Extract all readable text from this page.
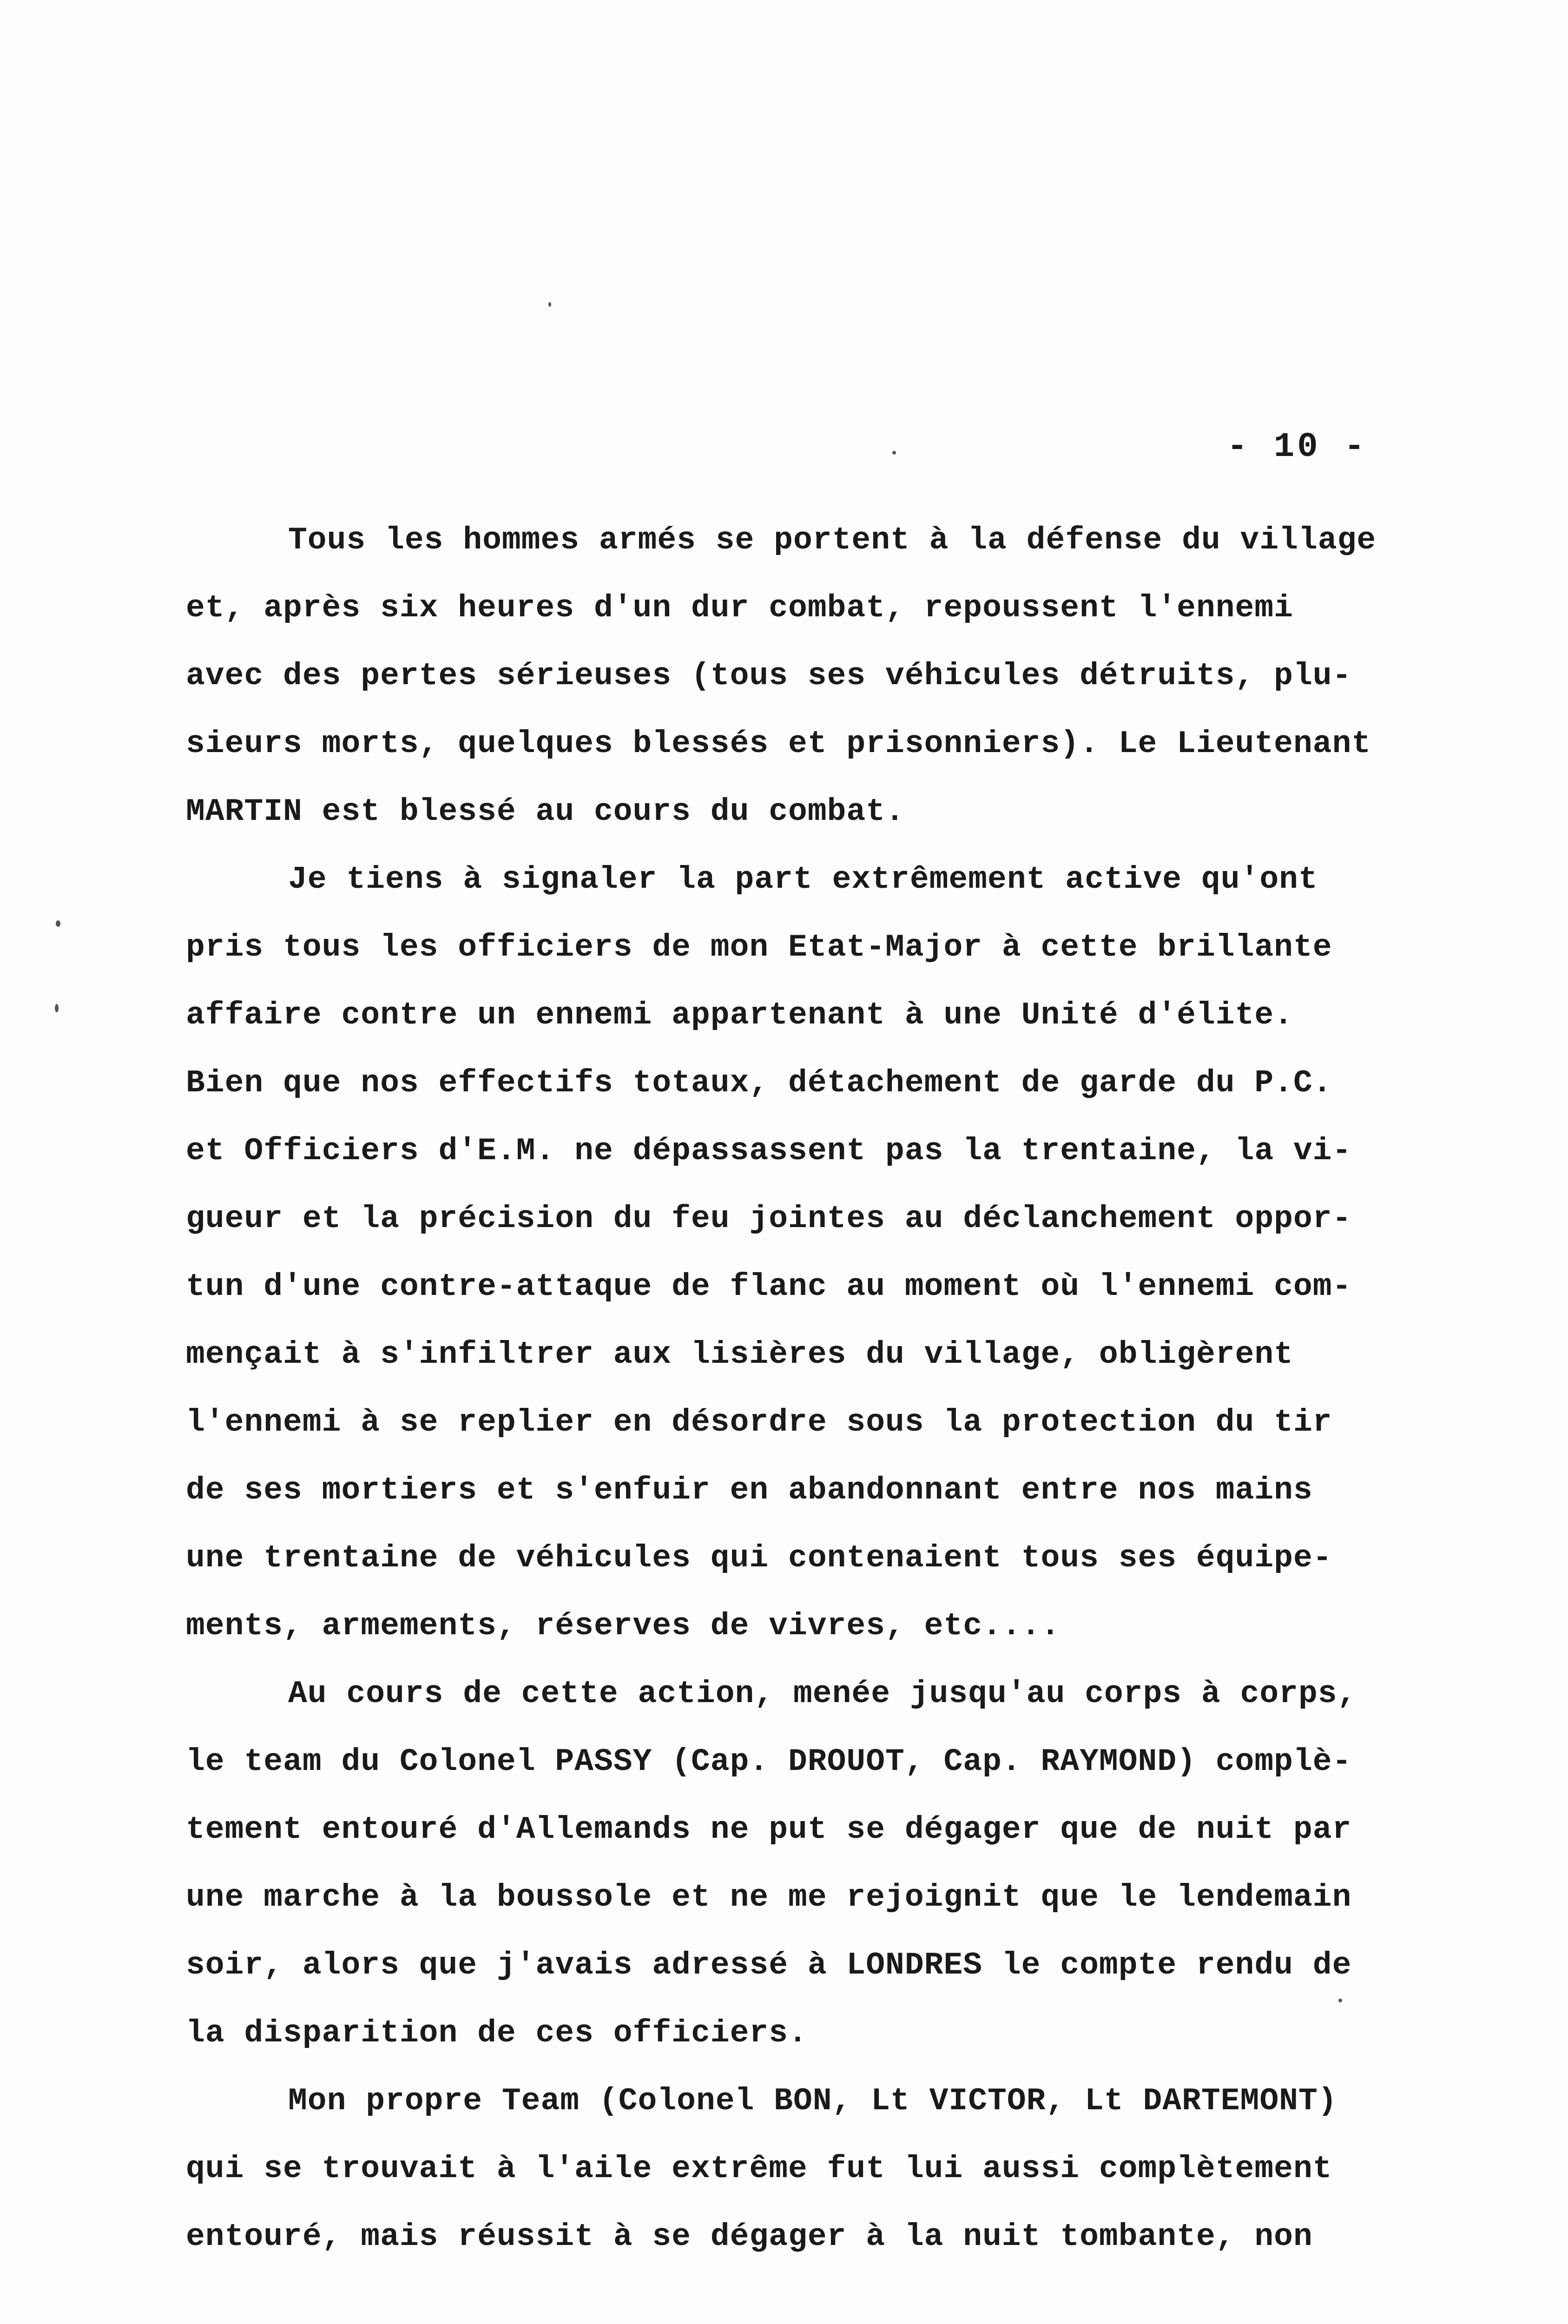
- 10 -
Tous les hommes armés se portent à la défense du village
et, après six heures d'un dur combat, repoussent l'ennemi
avec des pertes sérieuses (tous ses véhicules détruits, plu-
sieurs morts, quelques blessés et prisonniers). Le Lieutenant
MARTIN est blessé au cours du combat.
Je tiens à signaler la part extrêmement active qu'ont
pris tous les officiers de mon Etat-Major à cette brillante
affaire contre un ennemi appartenant à une Unité d'élite.
Bien que nos effectifs totaux, détachement de garde du P.C.
et Officiers d'E.M. ne dépassassent pas la trentaine, la vi-
gueur et la précision du feu jointes au déclanchement oppor-
tun d'une contre-attaque de flanc au moment où l'ennemi com-
mençait à s'infiltrer aux lisières du village, obligèrent
l'ennemi à se replier en désordre sous la protection du tir
de ses mortiers et s'enfuir en abandonnant entre nos mains
une trentaine de véhicules qui contenaient tous ses équipe-
ments, armements, réserves de vivres, etc....
Au cours de cette action, menée jusqu'au corps à corps,
le team du Colonel PASSY (Cap. DROUOT, Cap. RAYMOND) complè-
tement entouré d'Allemands ne put se dégager que de nuit par
une marche à la boussole et ne me rejoignit que le lendemain
soir, alors que j'avais adressé à LONDRES le compte rendu de
la disparition de ces officiers.
Mon propre Team (Colonel BON, Lt VICTOR, Lt DARTEMONT)
qui se trouvait à l'aile extrême fut lui aussi complètement
entouré, mais réussit à se dégager à la nuit tombante, non
